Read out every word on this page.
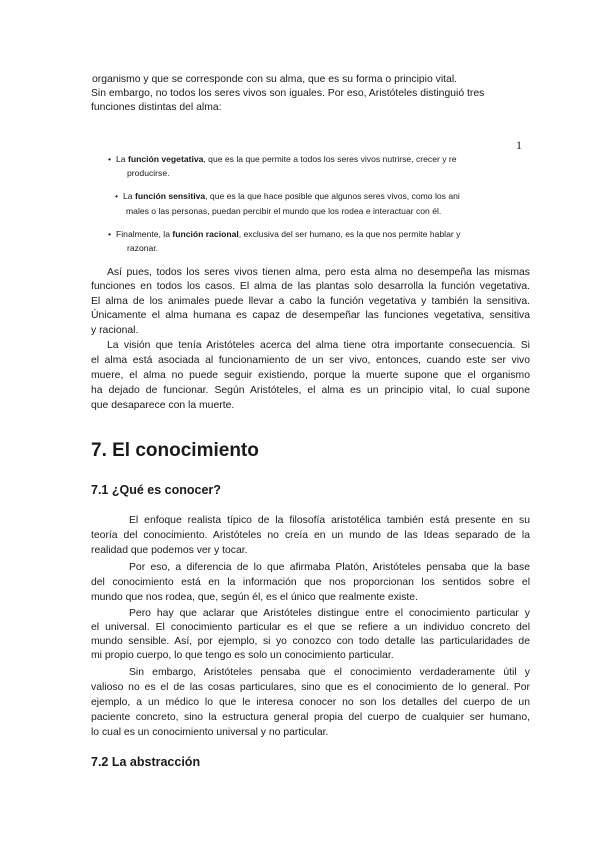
organismo y que se corresponde con su alma, que es su forma o principio vital.
Sin embargo, no todos los seres vivos son iguales. Por eso, Aristóteles distinguió tres
funciones distintas del alma:
1
• La función vegetativa, que es la que permite a todos los seres vivos nutrirse, crecer y re
producirse.
• La función sensitiva, que es la que hace posible que algunos seres vivos, como los ani
males o las personas, puedan percibir el mundo que los rodea e interactuar con él.
• Finalmente, la función racional, exclusiva del ser humano, es la que nos permite hablar y
razonar.
Así pues, todos los seres vivos tienen alma, pero esta alma no desempeña las mismas
funciones en todos los casos. El alma de las plantas solo desarrolla la función vegetativa.
El alma de los animales puede llevar a cabo la función vegetativa y también la sensitiva.
Únicamente el alma humana es capaz de desempeñar las funciones vegetativa, sensitiva
y racional.
La visión que tenía Aristóteles acerca del alma tiene otra importante consecuencia. Si
el alma está asociada al funcionamiento de un ser vivo, entonces, cuando este ser vivo
muere, el alma no puede seguir existiendo, porque la muerte supone que el organismo
ha dejado de funcionar. Según Aristóteles, el alma es un principio vital, lo cual supone
que desaparece con la muerte.
7. El conocimiento
7.1 ¿Qué es conocer?
El enfoque realista típico de la filosofía aristotélica también está presente en su
teoría del conocimiento. Aristóteles no creía en un mundo de las Ideas separado de la
realidad que podemos ver y tocar.
Por eso, a diferencia de lo que afirmaba Platón, Aristóteles pensaba que la base
del conocimiento está en la información que nos proporcionan los sentidos sobre el
mundo que nos rodea, que, según él, es el único que realmente existe.
Pero hay que aclarar que Aristóteles distingue entre el conocimiento particular y
el universal. El conocimiento particular es el que se refiere a un individuo concreto del
mundo sensible. Así, por ejemplo, si yo conozco con todo detalle las particularidades de
mi propio cuerpo, lo que tengo es solo un conocimiento particular.
Sin embargo, Aristóteles pensaba que el conocimiento verdaderamente útil y
valioso no es el de las cosas particulares, sino que es el conocimiento de lo general. Por
ejemplo, a un médico lo que le interesa conocer no son los detalles del cuerpo de un
paciente concreto, sino la estructura general propia del cuerpo de cualquier ser humano,
lo cual es un conocimiento universal y no particular.
7.2 La abstracción
